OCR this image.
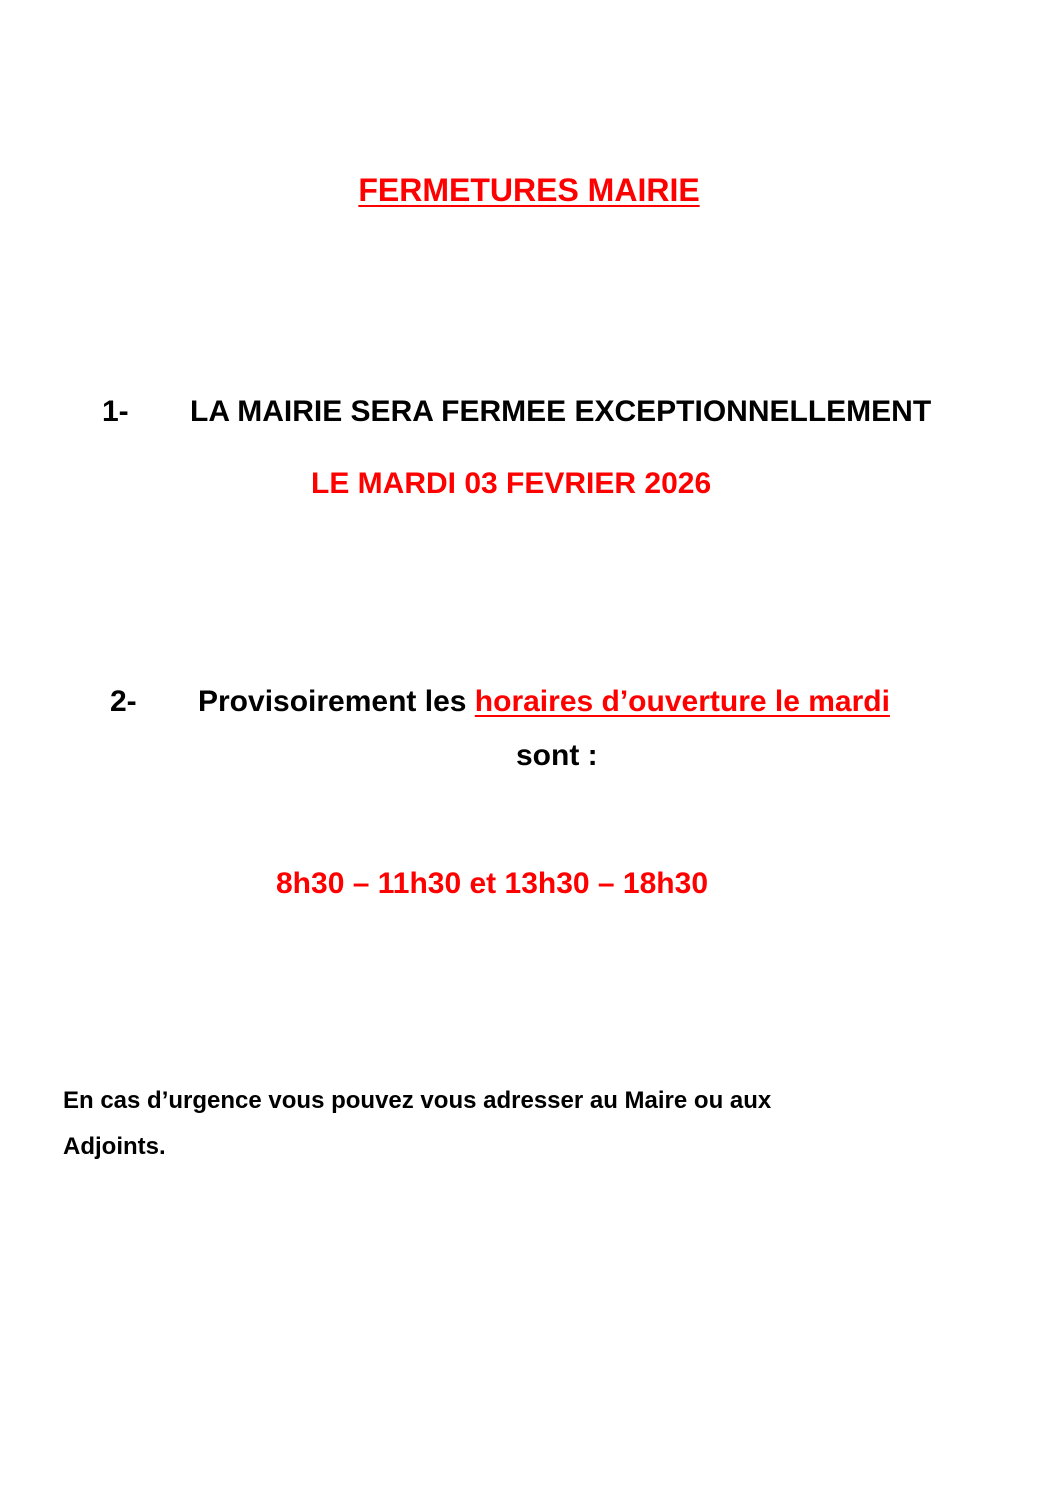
FERMETURES MAIRIE
1- LA MAIRIE SERA FERMEE EXCEPTIONNELLEMENT
LE MARDI 03 FEVRIER 2026
2- Provisoirement les horaires d’ouverture le mardi
sont :
8h30 – 11h30 et 13h30 – 18h30
En cas d’urgence vous pouvez vous adresser au Maire ou aux
Adjoints.
